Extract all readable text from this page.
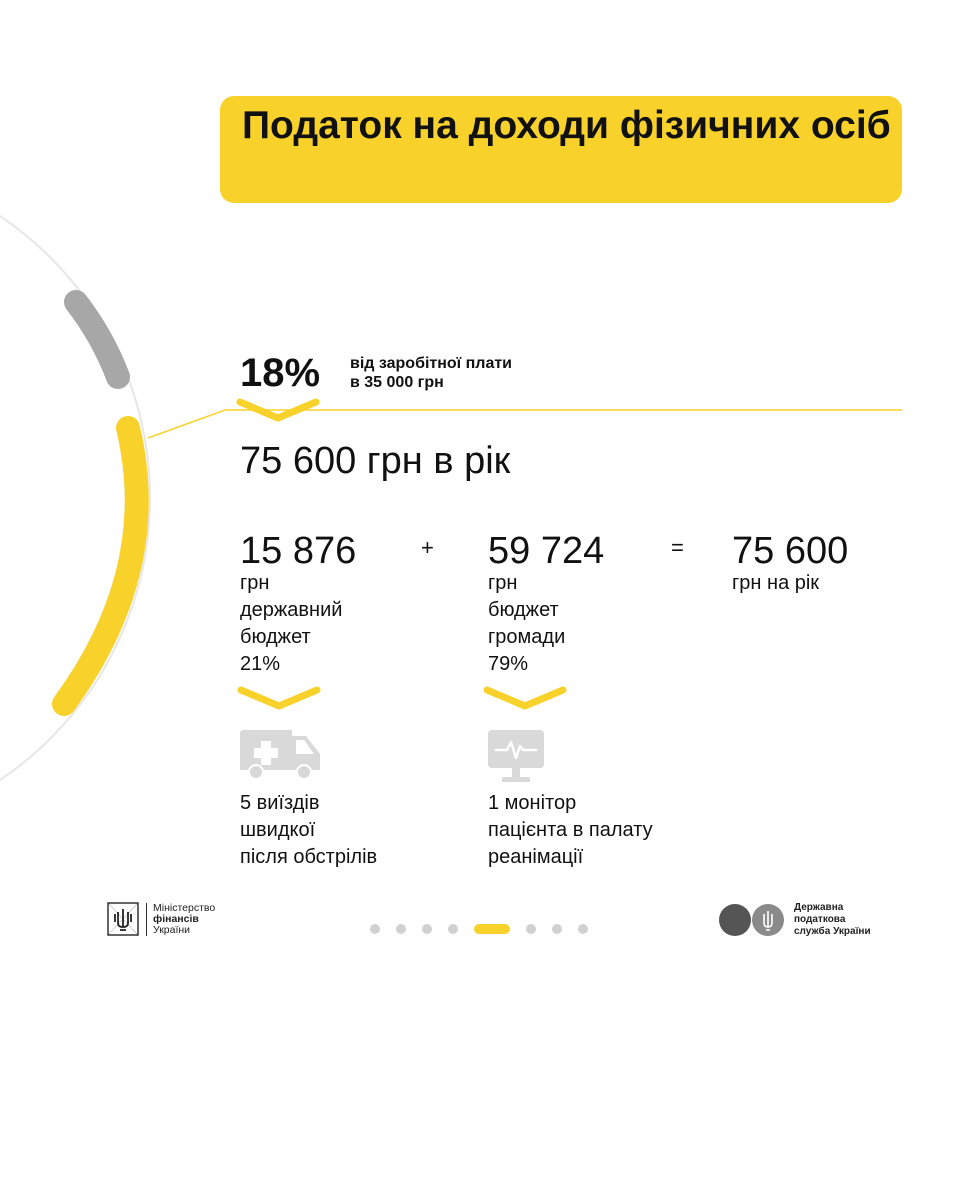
Податок на доходи фізичних осіб
18% від заробітної плати
в 35 000 грн
75 600 грн в рік
15 876
грн
державний
бюджет
21%
+ 59 724
грн
бюджет
громади
79%
= 75 600
грн на рік
5 виїздів
швидкої
після обстрілів
1 монітор
пацієнта в палату
реанімації
Міністерство
фінансів
України
Державна
податкова
служба України
